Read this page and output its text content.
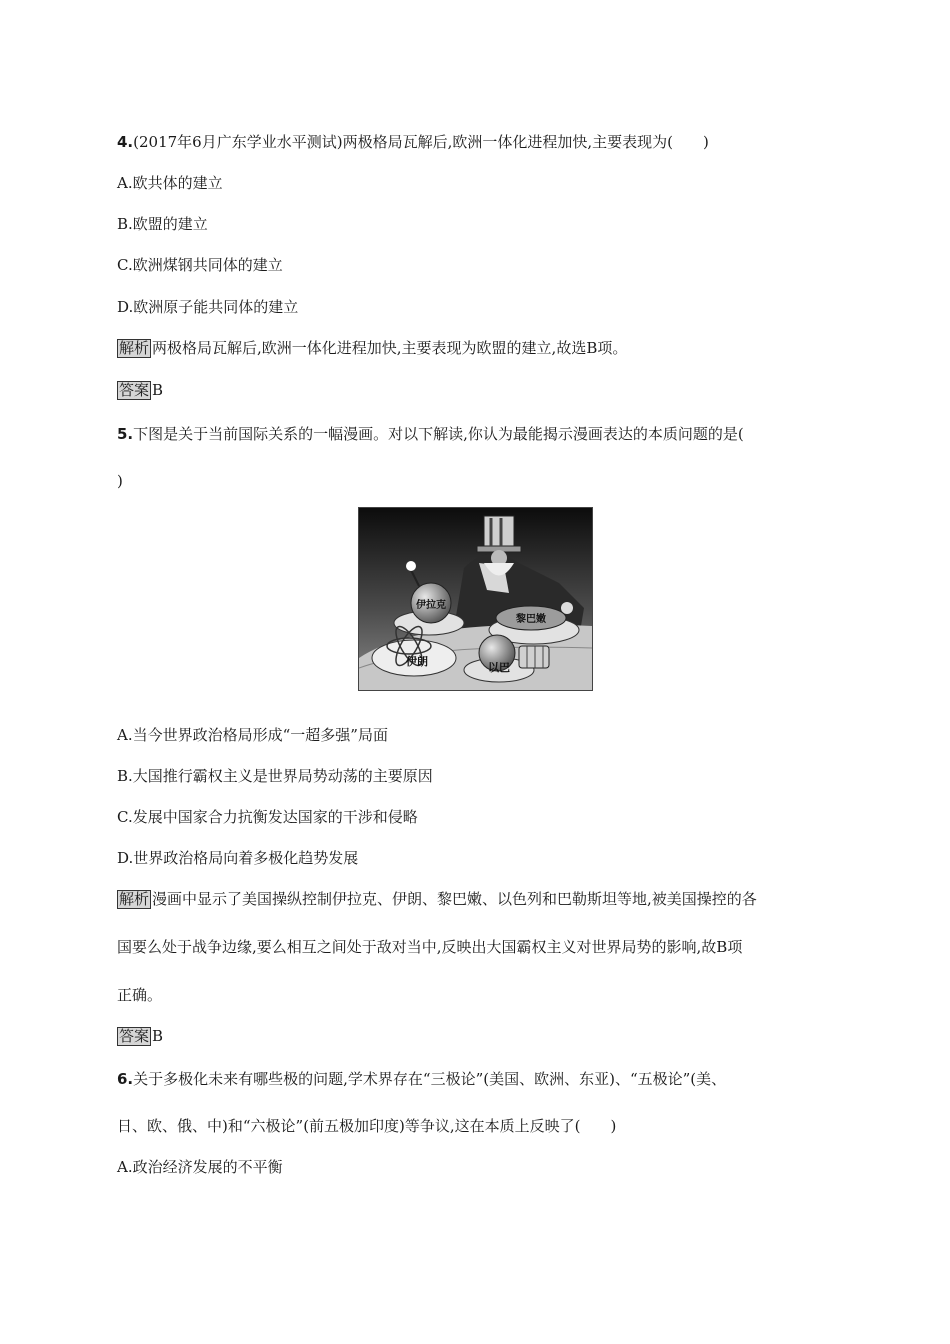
4.(2017年6月广东学业水平测试)两极格局瓦解后,欧洲一体化进程加快,主要表现为(　　)
A.欧共体的建立
B.欧盟的建立
C.欧洲煤钢共同体的建立
D.欧洲原子能共同体的建立
解析 两极格局瓦解后,欧洲一体化进程加快,主要表现为欧盟的建立,故选B项。
答案 B
5.下图是关于当前国际关系的一幅漫画。对以下解读,你认为最能揭示漫画表达的本质问题的是(
)
伊拉克
黎巴嫩
伊朗	以巴
A.当今世界政治格局形成“一超多强”局面
B.大国推行霸权主义是世界局势动荡的主要原因
C.发展中国家合力抗衡发达国家的干涉和侵略
D.世界政治格局向着多极化趋势发展
解析 漫画中显示了美国操纵控制伊拉克、伊朗、黎巴嫩、以色列和巴勒斯坦等地,被美国操控的各
国要么处于战争边缘,要么相互之间处于敌对当中,反映出大国霸权主义对世界局势的影响,故B项
正确。
答案 B
6.关于多极化未来有哪些极的问题,学术界存在“三极论”(美国、欧洲、东亚)、“五极论”(美、
日、欧、俄、中)和“六极论”(前五极加印度)等争议,这在本质上反映了(　　)
A.政治经济发展的不平衡
